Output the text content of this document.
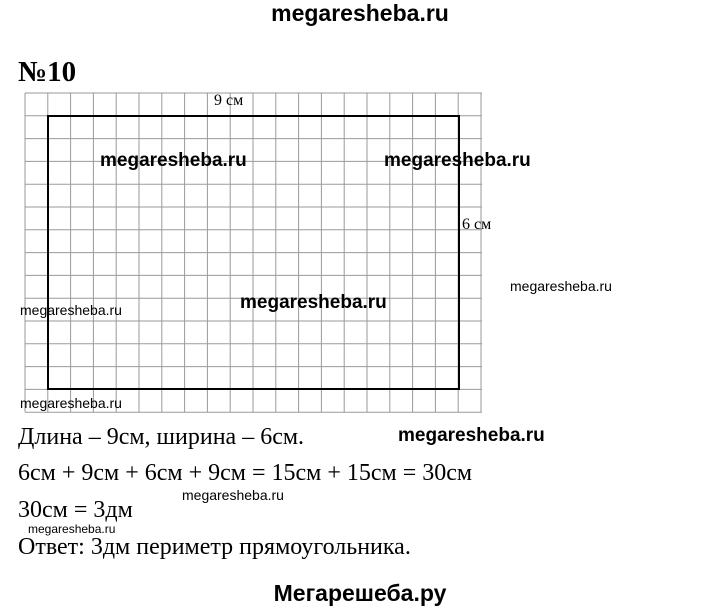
megaresheba.ru
№10
9 см
6 см
megaresheba.ru	megaresheba.ru
megaresheba.ru
megaresheba.ru
megaresheba.ru
megaresheba.ru
megaresheba.ru
megaresheba.ru
megaresheba.ru
Длина – 9см, ширина – 6см.
6см + 9см + 6см + 9см = 15см + 15см = 30см
30см = 3дм
Ответ: 3дм периметр прямоугольника.
Мегарешеба.ру
